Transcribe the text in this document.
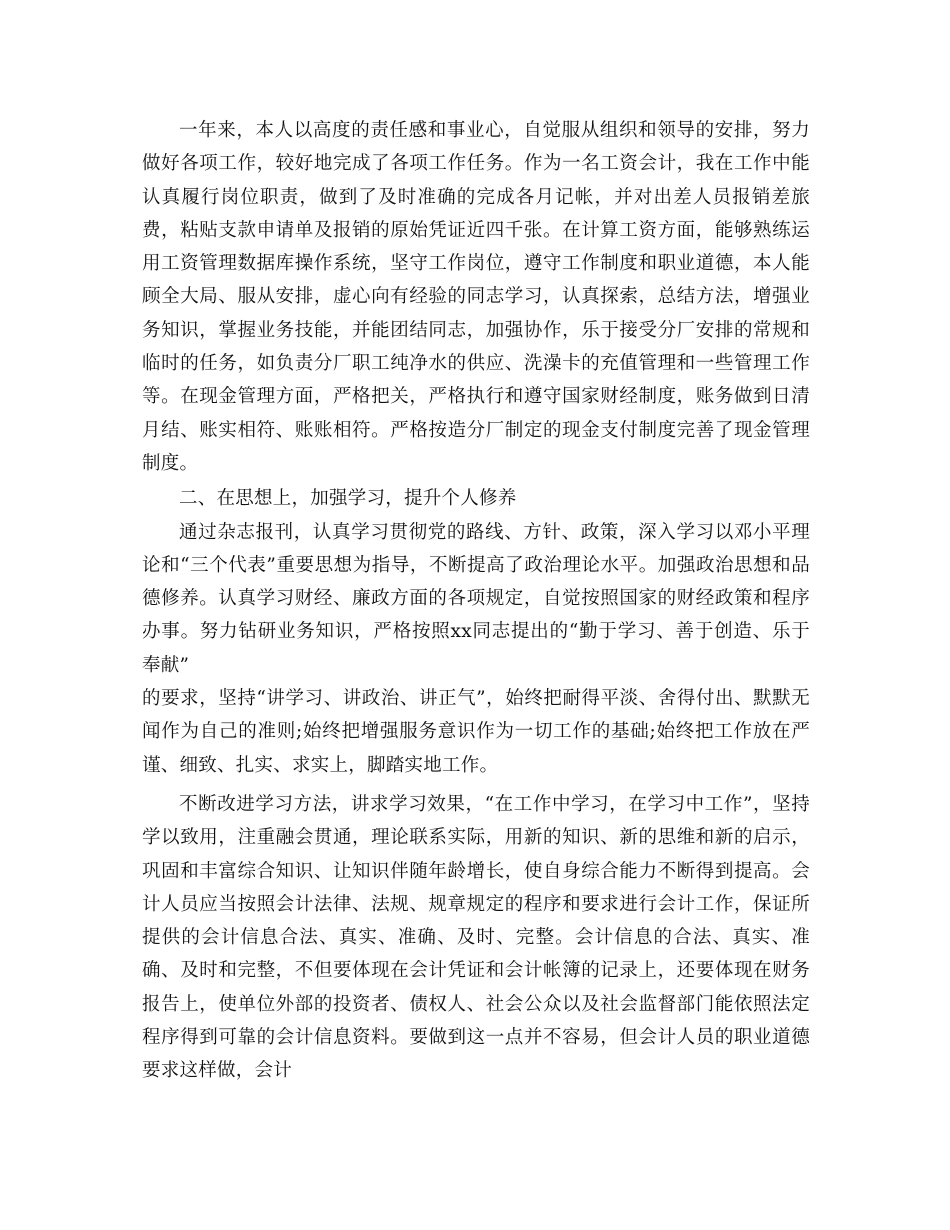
一年来，本人以高度的责任感和事业心，自觉服从组织和领导的安排，努力做好各项工作，较好地完成了各项工作任务。作为一名工资会计，我在工作中能认真履行岗位职责，做到了及时准确的完成各月记帐，并对出差人员报销差旅费，粘贴支款申请单及报销的原始凭证近四千张。在计算工资方面，能够熟练运用工资管理数据库操作系统，坚守工作岗位，遵守工作制度和职业道德，本人能顾全大局、服从安排，虚心向有经验的同志学习，认真探索，总结方法，增强业务知识，掌握业务技能，并能团结同志，加强协作，乐于接受分厂安排的常规和临时的任务，如负责分厂职工纯净水的供应、洗澡卡的充值管理和一些管理工作等。在现金管理方面，严格把关，严格执行和遵守国家财经制度，账务做到日清月结、账实相符、账账相符。严格按造分厂制定的现金支付制度完善了现金管理制度。

二、在思想上，加强学习，提升个人修养

通过杂志报刊，认真学习贯彻党的路线、方针、政策，深入学习以邓小平理论和“三个代表”重要思想为指导，不断提高了政治理论水平。加强政治思想和品德修养。认真学习财经、廉政方面的各项规定，自觉按照国家的财经政策和程序办事。努力钻研业务知识，严格按照xx同志提出的“勤于学习、善于创造、乐于奉献”

的要求，坚持“讲学习、讲政治、讲正气”，始终把耐得平淡、舍得付出、默默无闻作为自己的准则;始终把增强服务意识作为一切工作的基础;始终把工作放在严谨、细致、扎实、求实上，脚踏实地工作。

不断改进学习方法，讲求学习效果，“在工作中学习，在学习中工作”，坚持学以致用，注重融会贯通，理论联系实际，用新的知识、新的思维和新的启示，巩固和丰富综合知识、让知识伴随年龄增长，使自身综合能力不断得到提高。会计人员应当按照会计法律、法规、规章规定的程序和要求进行会计工作，保证所提供的会计信息合法、真实、准确、及时、完整。会计信息的合法、真实、准确、及时和完整，不但要体现在会计凭证和会计帐簿的记录上，还要体现在财务报告上，使单位外部的投资者、债权人、社会公众以及社会监督部门能依照法定程序得到可靠的会计信息资料。要做到这一点并不容易，但会计人员的职业道德要求这样做，会计
